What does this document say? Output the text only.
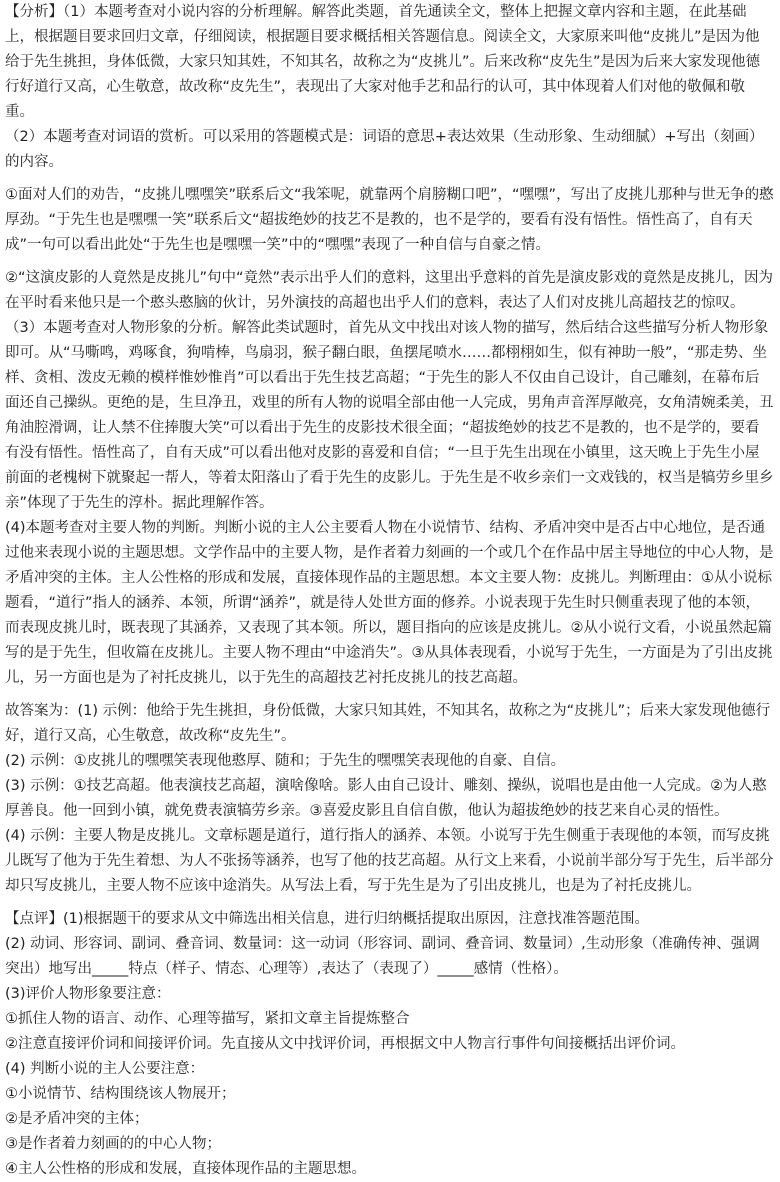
【分析】（1）本题考查对小说内容的分析理解。解答此类题，首先通读全文，整体上把握文章内容和主题，在此基础上，根据题目要求回归文章，仔细阅读，根据题目要求概括相关答题信息。阅读全文，大家原来叫他“皮挑儿”是因为他给于先生挑担，身体低微，大家只知其姓，不知其名，故称之为“皮挑儿”。后来改称“皮先生”是因为后来大家发现他德行好道行又高，心生敬意，故改称“皮先生”，表现出了大家对他手艺和品行的认可，其中体现着人们对他的敬佩和敬重。

（2）本题考查对词语的赏析。可以采用的答题模式是：词语的意思+表达效果（生动形象、生动细腻）+写出（刻画）的内容。

①面对人们的劝告，“皮挑儿嘿嘿笑”联系后文“我笨呢，就靠两个肩膀糊口吧”，“嘿嘿”，写出了皮挑儿那种与世无争的憨厚劲。“于先生也是嘿嘿一笑”联系后文“超拔绝妙的技艺不是教的，也不是学的，要看有没有悟性。悟性高了，自有天成”一句可以看出此处“于先生也是嘿嘿一笑”中的“嘿嘿”表现了一种自信与自豪之情。

②“这演皮影的人竟然是皮挑儿”句中“竟然”表示出乎人们的意料，这里出乎意料的首先是演皮影戏的竟然是皮挑儿，因为在平时看来他只是一个憨头憨脑的伙计，另外演技的高超也出乎人们的意料，表达了人们对皮挑儿高超技艺的惊叹。

（3）本题考查对人物形象的分析。解答此类试题时，首先从文中找出对该人物的描写，然后结合这些描写分析人物形象即可。从“马嘶鸣，鸡啄食，狗啃棒，鸟扇羽，猴子翻白眼，鱼摆尾喷水……都栩栩如生，似有神助一般”，“那走势、坐样、贪相、泼皮无赖的模样惟妙惟肖”可以看出于先生技艺高超；“于先生的影人不仅由自己设计，自己雕刻，在幕布后面还自己操纵。更绝的是，生旦净丑，戏里的所有人物的说唱全部由他一人完成，男角声音浑厚敞亮，女角清婉柔美，丑角油腔滑调，让人禁不住捧腹大笑”可以看出于先生的皮影技术很全面；“超拔绝妙的技艺不是教的，也不是学的，要看有没有悟性。悟性高了，自有天成”可以看出他对皮影的喜爱和自信；“一旦于先生出现在小镇里，这天晚上于先生小屋前面的老槐树下就聚起一帮人，等着太阳落山了看于先生的皮影儿。于先生是不收乡亲们一文戏钱的，权当是犒劳乡里乡亲”体现了于先生的淳朴。据此理解作答。

(4)本题考查对主要人物的判断。判断小说的主人公主要看人物在小说情节、结构、矛盾冲突中是否占中心地位，是否通过他来表现小说的主题思想。文学作品中的主要人物，是作者着力刻画的一个或几个在作品中居主导地位的中心人物，是矛盾冲突的主体。主人公性格的形成和发展，直接体现作品的主题思想。本文主要人物：皮挑儿。判断理由：①从小说标题看，“道行”指人的涵养、本领，所谓“涵养”，就是待人处世方面的修养。小说表现于先生时只侧重表现了他的本领，而表现皮挑儿时，既表现了其涵养，又表现了其本领。所以，题目指向的应该是皮挑儿。②从小说行文看，小说虽然起篇写的是于先生，但收篇在皮挑儿。主要人物不理由“中途消失”。③从具体表现看，小说写于先生，一方面是为了引出皮挑儿，另一方面也是为了衬托皮挑儿，以于先生的高超技艺衬托皮挑儿的技艺高超。

故答案为：(1) 示例：他给于先生挑担，身份低微，大家只知其姓，不知其名，故称之为“皮挑儿”；后来大家发现他德行好，道行又高，心生敬意，故改称“皮先生”。

(2) 示例：①皮挑儿的嘿嘿笑表现他憨厚、随和；于先生的嘿嘿笑表现他的自豪、自信。

(3) 示例：①技艺高超。他表演技艺高超，演啥像啥。影人由自己设计、雕刻、操纵，说唱也是由他一人完成。②为人憨厚善良。他一回到小镇，就免费表演犒劳乡亲。③喜爱皮影且自信自傲，他认为超拔绝妙的技艺来自心灵的悟性。

(4) 示例：主要人物是皮挑儿。文章标题是道行，道行指人的涵养、本领。小说写于先生侧重于表现他的本领，而写皮挑儿既写了他为于先生着想、为人不张扬等涵养，也写了他的技艺高超。从行文上来看，小说前半部分写于先生，后半部分却只写皮挑儿，主要人物不应该中途消失。从写法上看，写于先生是为了引出皮挑儿，也是为了衬托皮挑儿。

【点评】(1)根据题干的要求从文中筛选出相关信息，进行归纳概括提取出原因，注意找准答题范围。

(2) 动词、形容词、副词、叠音词、数量词：这一动词（形容词、副词、叠音词、数量词）,生动形象（准确传神、强调突出）地写出_____特点（样子、情态、心理等）,表达了（表现了）_____感情（性格）。

(3)评价人物形象要注意：

①抓住人物的语言、动作、心理等描写，紧扣文章主旨提炼整合

②注意直接评价词和间接评价词。先直接从文中找评价词，再根据文中人物言行事件句间接概括出评价词。

(4) 判断小说的主人公要注意：

①小说情节、结构围绕该人物展开；

②是矛盾冲突的主体；

③是作者着力刻画的的中心人物；

④主人公性格的形成和发展，直接体现作品的主题思想。
